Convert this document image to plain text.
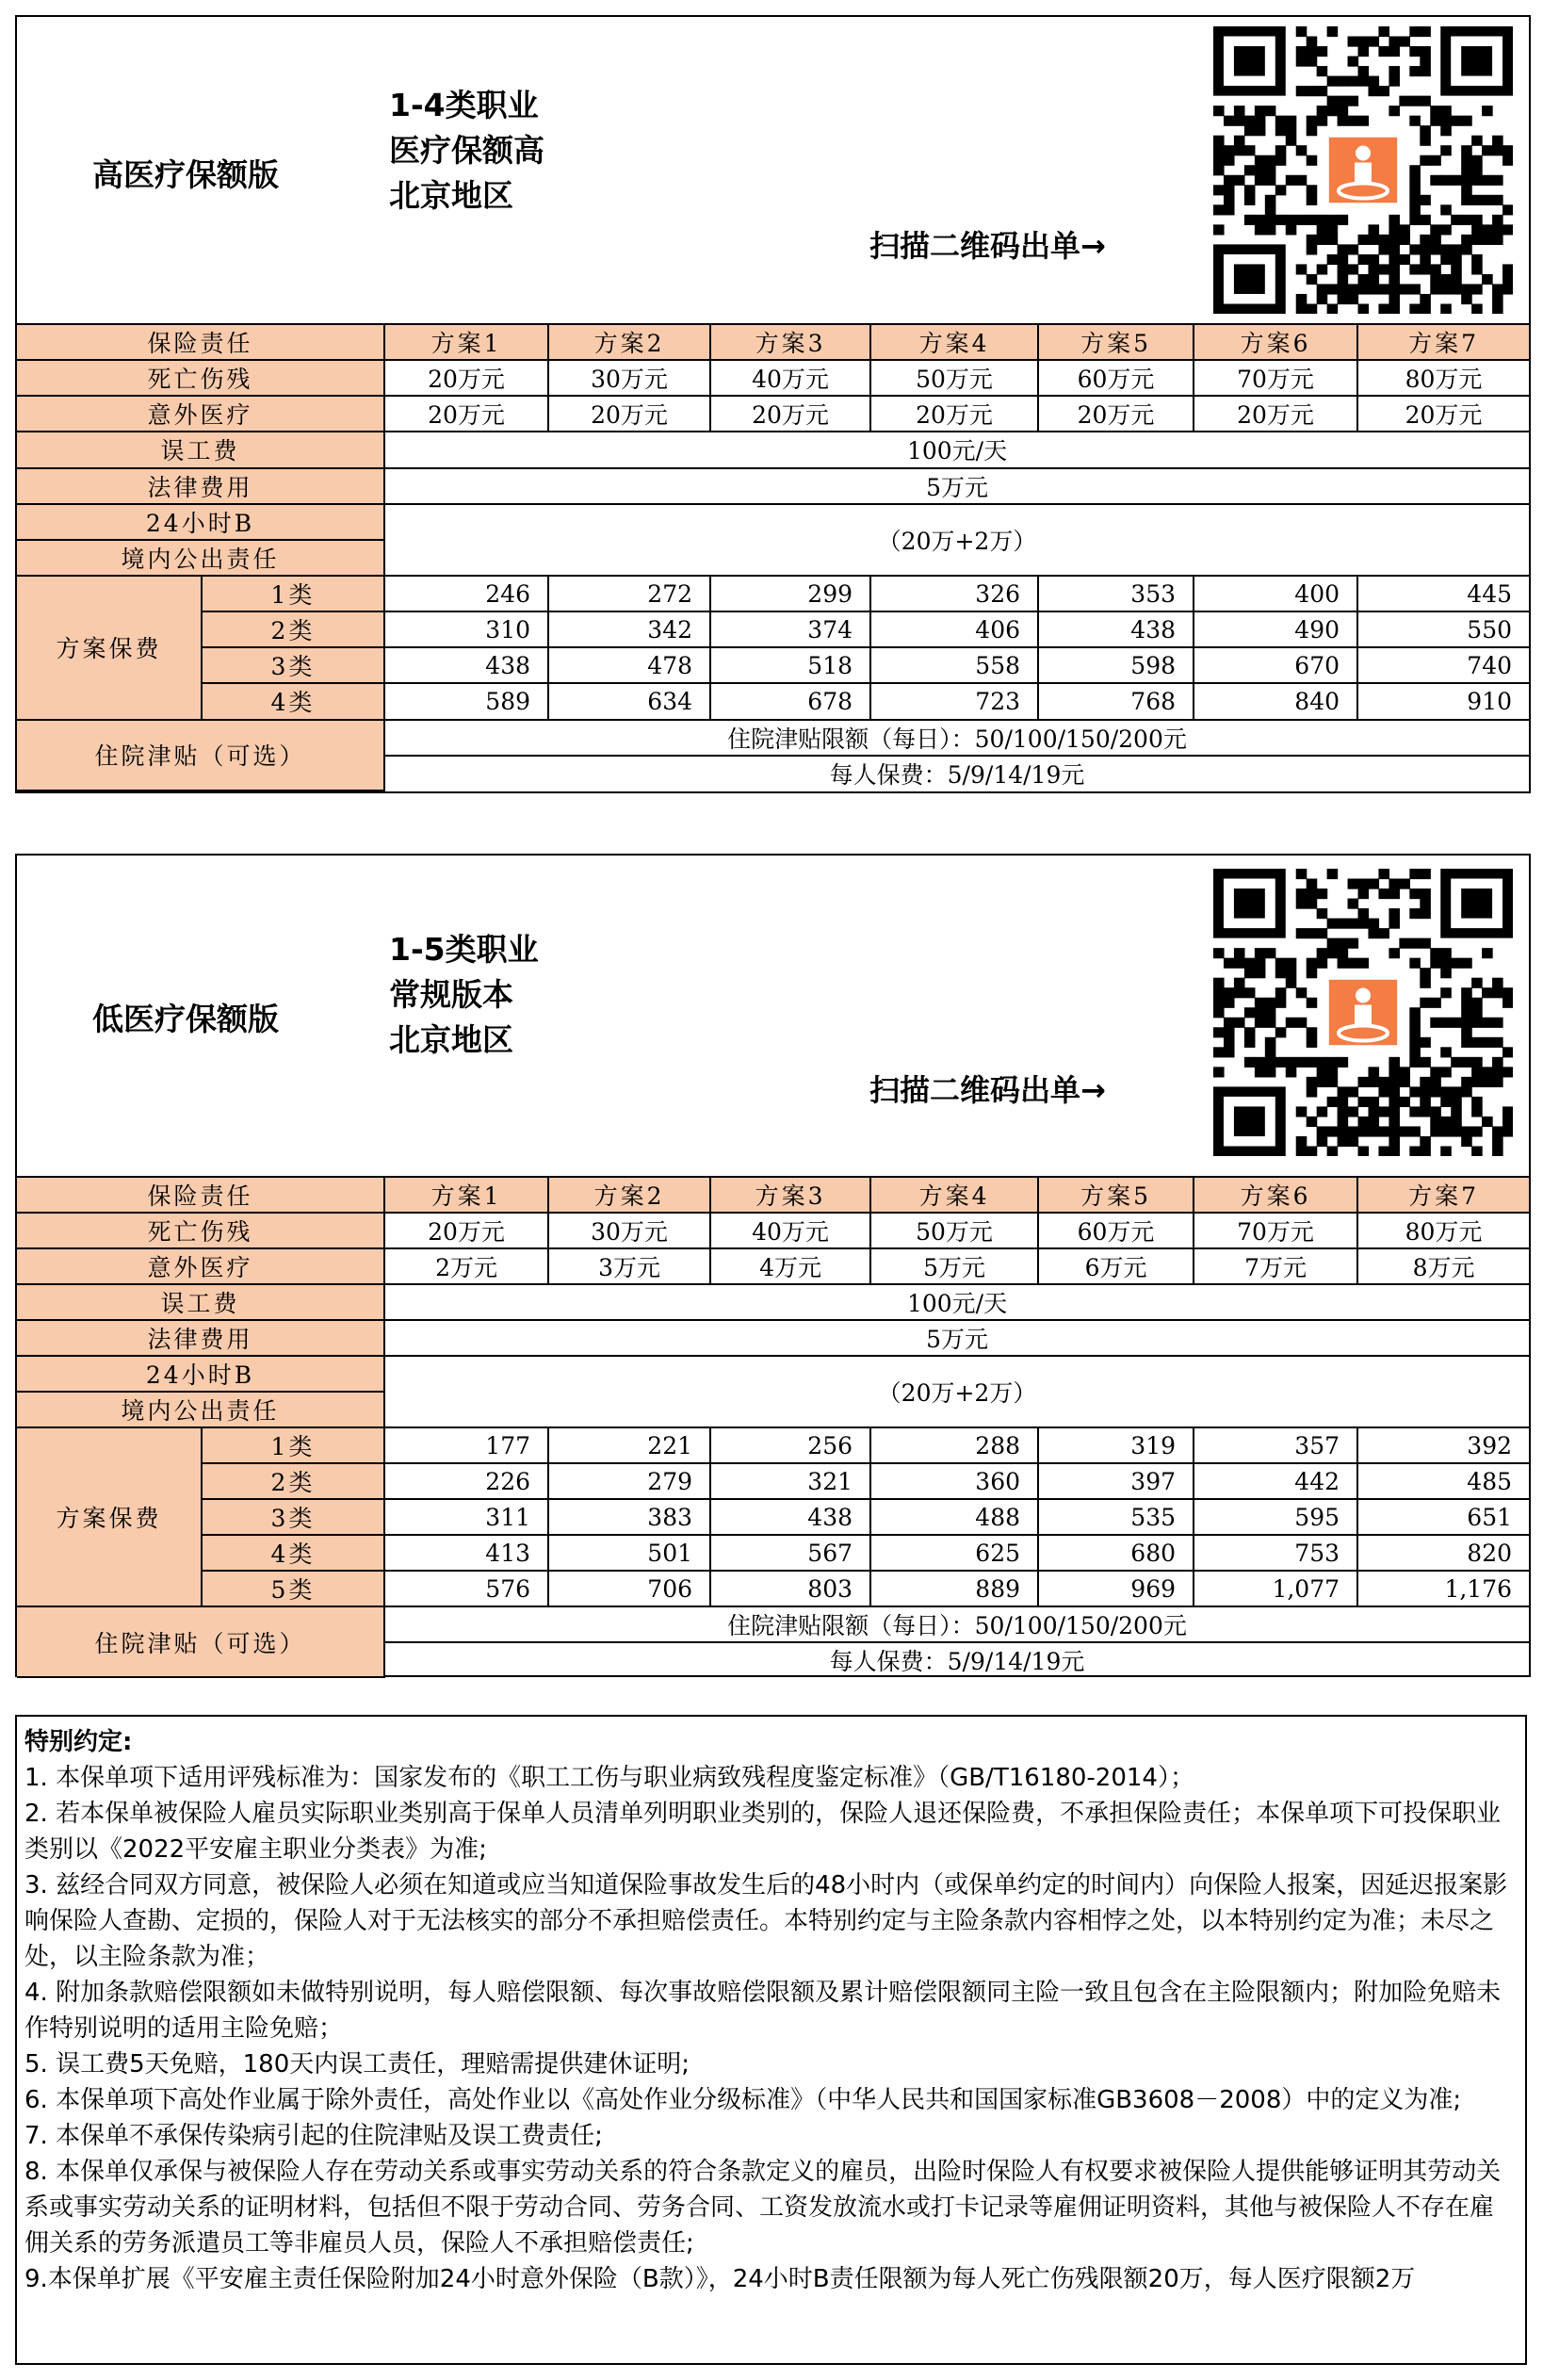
高医疗保额版
1-4类职业
医疗保额高
北京地区
扫描二维码出单→
保险责任		方案1	方案2	方案3	方案4	方案5	方案6	方案7
死亡伤残		20万元	30万元	40万元	50万元	60万元	70万元	80万元
意外医疗		20万元	20万元	20万元	20万元	20万元	20万元	20万元
误工费		100元/天						
法律费用		5万元						
24小时B		（20万+2万）						
境内公出责任								
方案保费	1类	246	272	299	326	353	400	445
	2类	310	342	374	406	438	490	550
	3类	438	478	518	558	598	670	740
	4类	589	634	678	723	768	840	910
住院津贴（可选）		住院津贴限额（每日）：50/100/150/200元						
		每人保费：5/9/14/19元						
低医疗保额版
1-5类职业
常规版本
北京地区
扫描二维码出单→
保险责任		方案1	方案2	方案3	方案4	方案5	方案6	方案7
死亡伤残		20万元	30万元	40万元	50万元	60万元	70万元	80万元
意外医疗		2万元	3万元	4万元	5万元	6万元	7万元	8万元
误工费		100元/天						
法律费用		5万元						
24小时B		（20万+2万）						
境内公出责任								
方案保费	1类	177	221	256	288	319	357	392
	2类	226	279	321	360	397	442	485
	3类	311	383	438	488	535	595	651
	4类	413	501	567	625	680	753	820
	5类	576	706	803	889	969	1,077	1,176
住院津贴（可选）		住院津贴限额（每日）：50/100/150/200元						
		每人保费：5/9/14/19元						

特别约定:

1. 本保单项下适用评残标准为：国家发布的《职工工伤与职业病致残程度鉴定标准》（GB/T16180-2014）；

2. 若本保单被保险人雇员实际职业类别高于保单人员清单列明职业类别的，保险人退还保险费，不承担保险责任；本保单项下可投保职业类别以《2022平安雇主职业分类表》为准;

3. 兹经合同双方同意，被保险人必须在知道或应当知道保险事故发生后的48小时内（或保单约定的时间内）向保险人报案，因延迟报案影响保险人查勘、定损的，保险人对于无法核实的部分不承担赔偿责任。本特别约定与主险条款内容相悖之处，以本特别约定为准；未尽之处，以主险条款为准；

4. 附加条款赔偿限额如未做特别说明，每人赔偿限额、每次事故赔偿限额及累计赔偿限额同主险一致且包含在主险限额内；附加险免赔未作特别说明的适用主险免赔；

5. 误工费5天免赔，180天内误工责任，理赔需提供建休证明;

6. 本保单项下高处作业属于除外责任，高处作业以《高处作业分级标准》（中华人民共和国国家标准GB3608－2008）中的定义为准;

7. 本保单不承保传染病引起的住院津贴及误工费责任;

8. 本保单仅承保与被保险人存在劳动关系或事实劳动关系的符合条款定义的雇员，出险时保险人有权要求被保险人提供能够证明其劳动关系或事实劳动关系的证明材料，包括但不限于劳动合同、劳务合同、工资发放流水或打卡记录等雇佣证明资料，其他与被保险人不存在雇佣关系的劳务派遣员工等非雇员人员，保险人不承担赔偿责任;

9.本保单扩展《平安雇主责任保险附加24小时意外保险（B款）》，24小时B责任限额为每人死亡伤残限额20万，每人医疗限额2万
